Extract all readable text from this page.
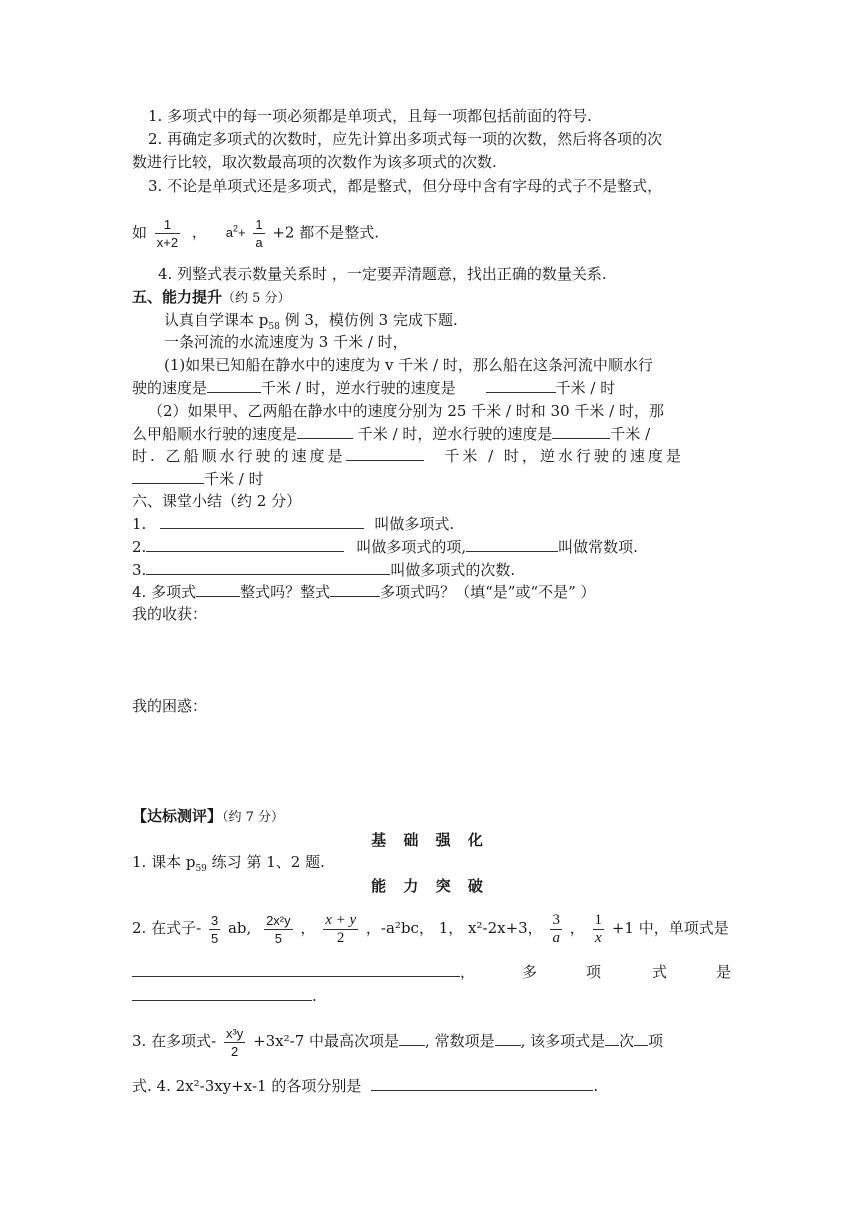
1. 多项式中的每一项必须都是单项式，且每一项都包括前面的符号.
2. 再确定多项式的次数时，应先计算出多项式每一项的次数，然后将各项的次
数进行比较，取次数最高项的次数作为该多项式的次数.
3. 不论是单项式还是多项式，都是整式，但分母中含有字母的式子不是整式，
如 $\frac{1}{x+2}$ ， $a^2+ \frac{1}{a} +2$ 都不是整式.
4. 列整式表示数量关系时 ，一定要弄清题意，找出正确的数量关系.
五、能力提升（约 5 分）
认真自学课本 $p_{58}$ 例 3，模仿例 3 完成下题.
一条河流的水流速度为 3 千米 / 时，
(1)如果已知船在静水中的速度为 v 千米 / 时，那么船在这条河流中顺水行
驶的速度是	千米 / 时，逆水行驶的速度是	千米 / 时
（2）如果甲、乙两船在静水中的速度分别为 25 千米 / 时和 30 千米 / 时，那
么甲船顺水行驶的速度是	千米 / 时，逆水行驶的速度是	千米 /
时. 乙船顺水行驶的速度是	千米 / 时，逆水行驶的速度是
千米 / 时
六、课堂小结（约 2 分）
1.	叫做多项式.
2.	叫做多项式的项,	叫做常数项.
3.	叫做多项式的次数.
4. 多项式	整式吗？整式	多项式吗？（填“是”或“不是” ）
我的收获：
我的困惑：
【达标测评】（约 7 分）
基 础 强 化
1. 课本 $p_{59}$ 练习 第 1、2 题.
能 力 突 破
2. 在式子- $\frac{3}{5}$ ab, $\frac{\text{2x²y}}{5}$ ， $\frac{x + y}{2}$ ，-a²bc， 1， x²-2x+3， $\frac{3}{a}$ ， $\frac{1}{x} +1$ 中，单项式是
，	多	项	式	是
.
3. 在多项式- $\frac{\text{x³y}}{2} +3x^2-7$ 中最高次项是 , 常数项是 , 该多项式是 次 项
式. 4. 2x²-3xy+x-1 的各项分别是	.
